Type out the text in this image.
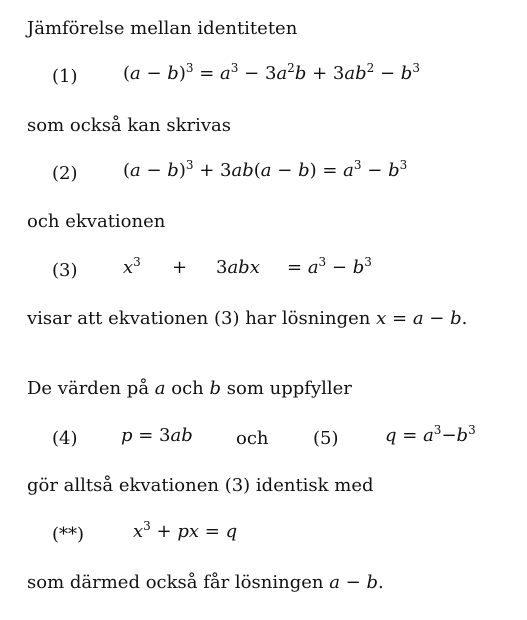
Jämförelse mellan identiteten
(1)	$(a - b)^3 = a^3 - 3a^2b + 3ab^2 - b^3$
som också kan skrivas
(2)	$(a - b)^3 + 3ab(a - b) = a^3 - b^3$
och ekvationen
(3)	$x^3 + 3abx = a^3 - b^3$
visar att ekvationen (3) har lösningen x = a − b.
De värden på a och b som uppfyller
(4) p = 3ab och (5)	$q = a^3-b^3$
gör alltså ekvationen (3) identisk med
(**)	$x^3$ + px = q
som därmed också får lösningen a − b.
